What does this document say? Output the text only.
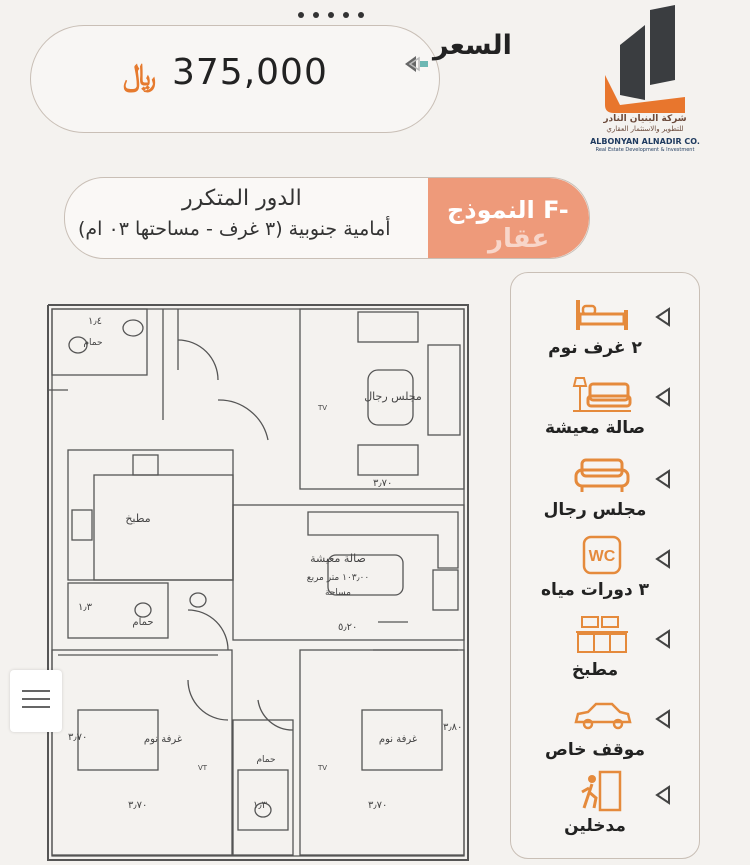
السعر
375,000
﷼
شركة البنيان النادر
للتطوير والاستثمار العقاري
ALBONYAN ALNADIR CO.
Real Estate Development & Investment
النموذج F-
الدور المتكرر
أمامية جنوبية (٣ غرف - مساحتها ٠٣ ام)	عقار
٢ غرف نوم
صالة معيشة
مجلس رجال
WC
٣ دورات مياه
مطبخ
موقف خاص
مدخلين
مجلس رجال
مطبخ
صالة معيشة
١٠٣٫٠٠ متر مربع
مساحة
حمام
حمام
حمام
غرفة نوم	غرفة نوم
١٫٤
٣٫٧٠
٣٫٧٠	٣٫٧٠
١٫٣
٣٫٧٠
٣٫٨٠
١٫٣
٥٫٢٠
TV
VT	TV
